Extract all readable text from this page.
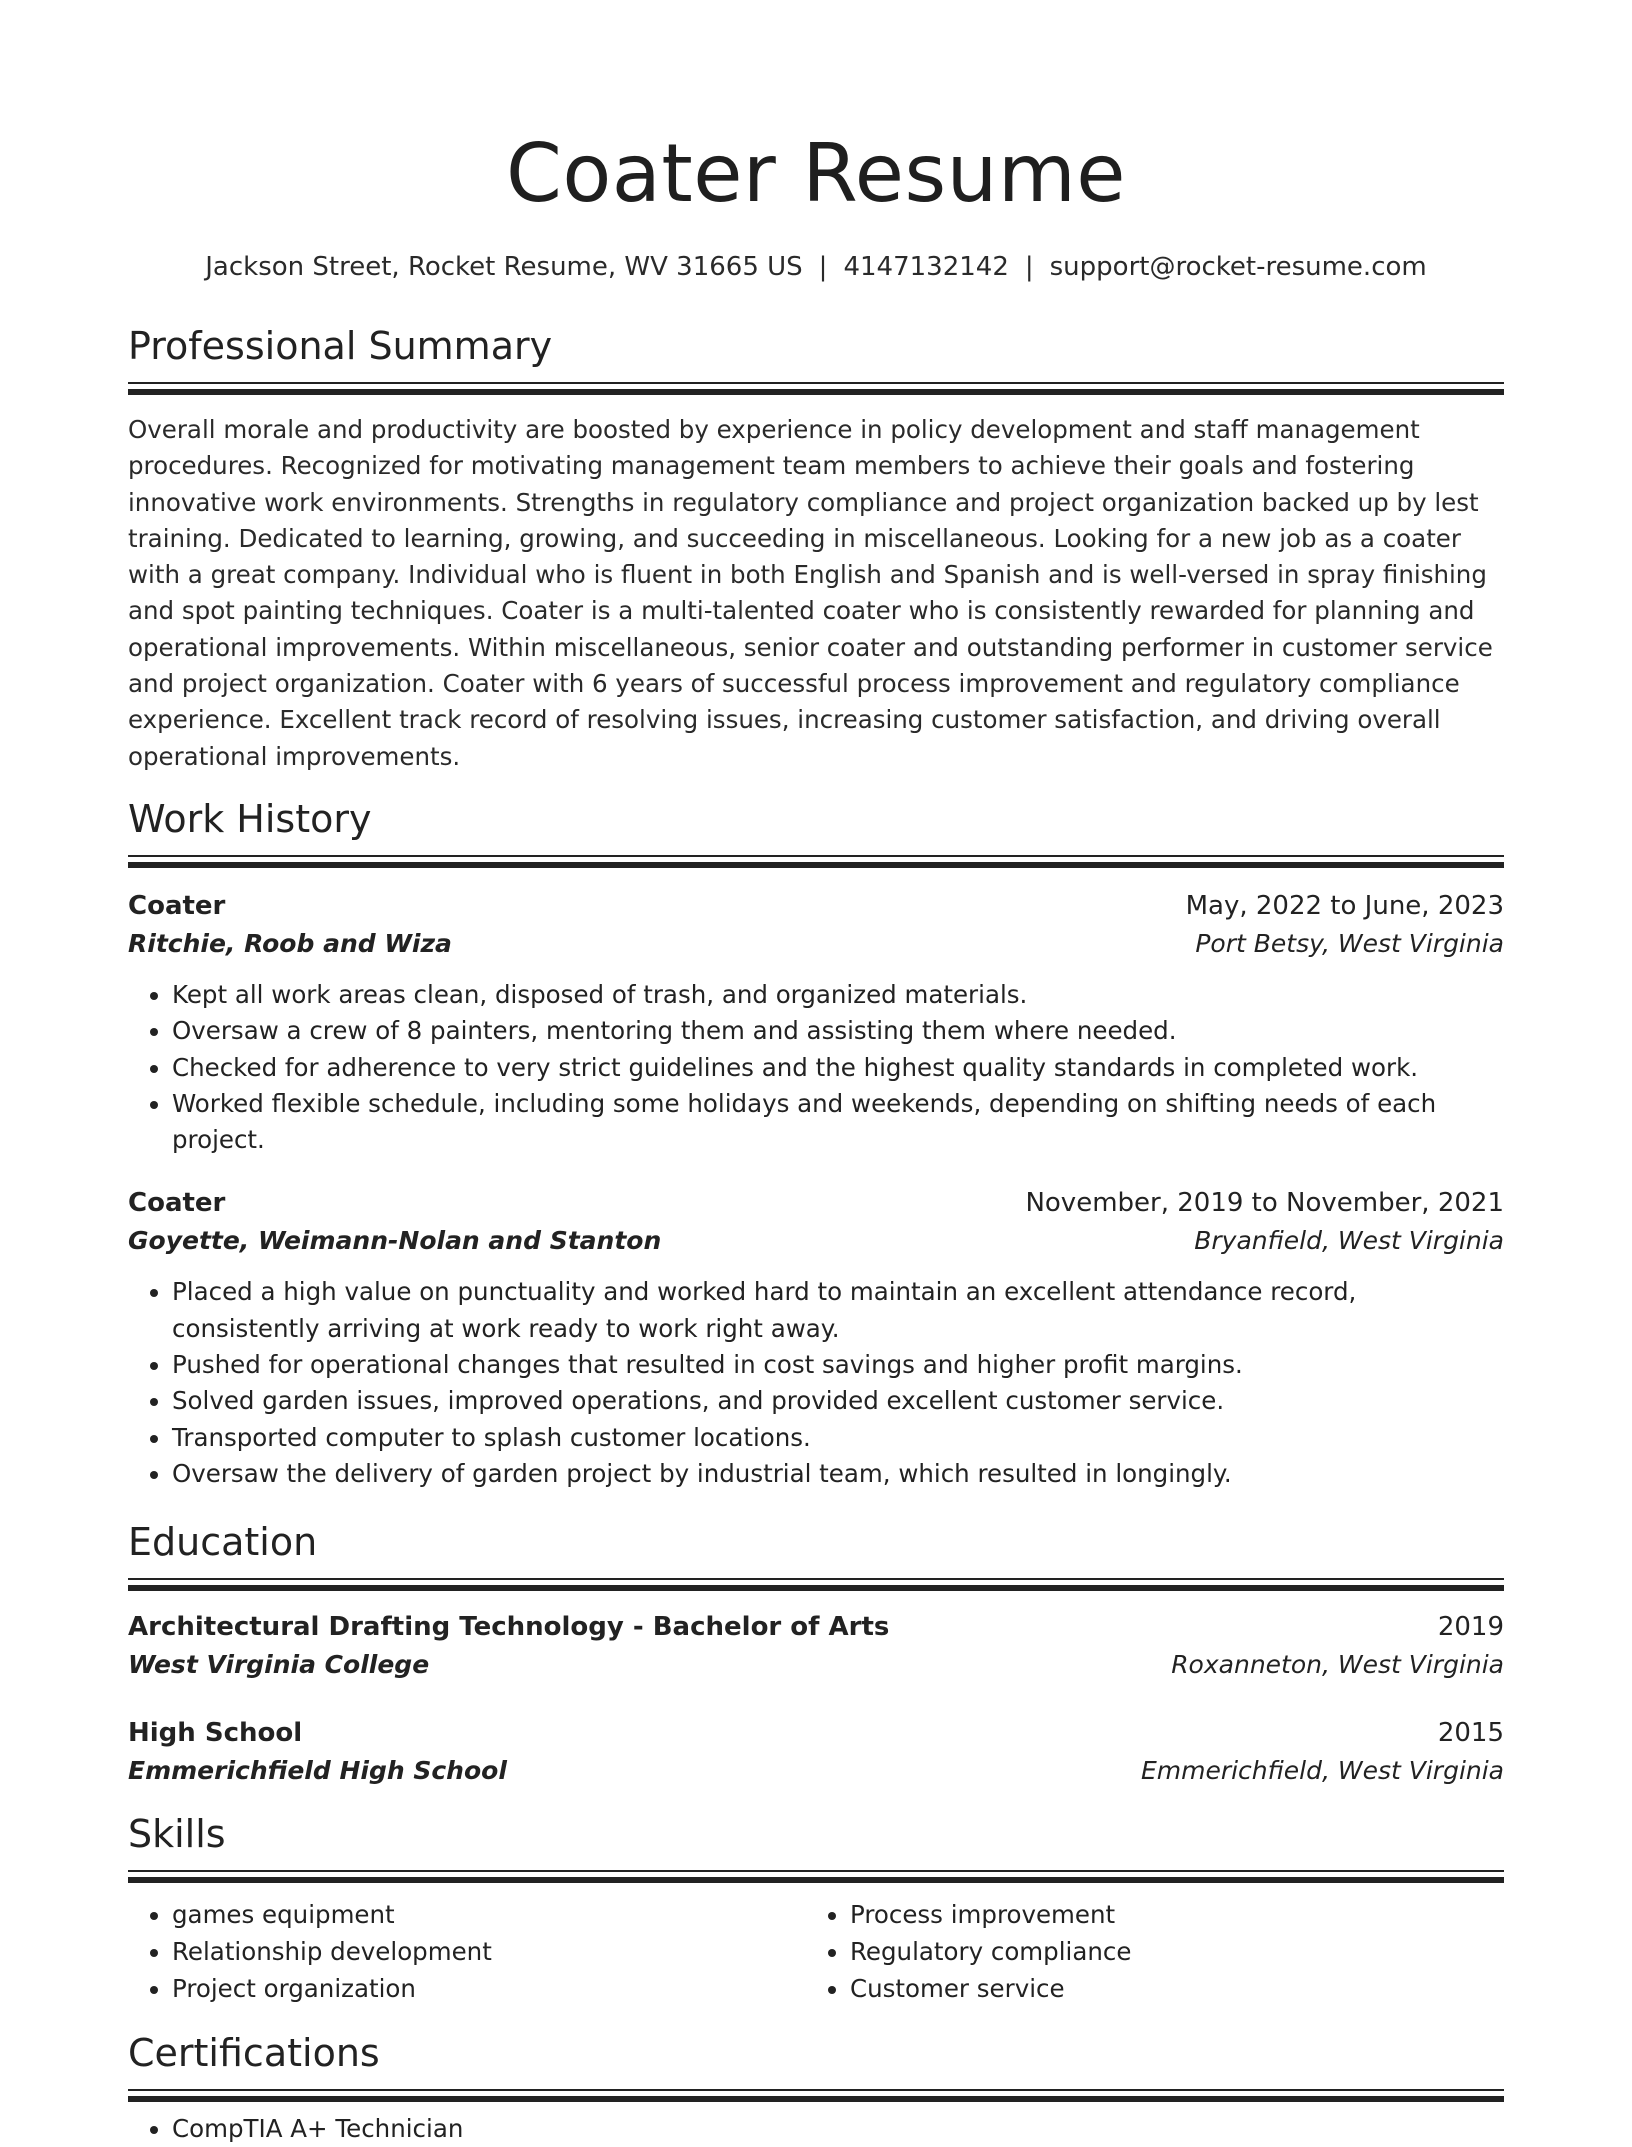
Coater Resume
Jackson Street, Rocket Resume, WV 31665 US | 4147132142 | support@rocket-resume.com
Professional Summary

Overall morale and productivity are boosted by experience in policy development and staff management procedures. Recognized for motivating management team members to achieve their goals and fostering innovative work environments. Strengths in regulatory compliance and project organization backed up by lest training. Dedicated to learning, growing, and succeeding in miscellaneous. Looking for a new job as a coater with a great company. Individual who is fluent in both English and Spanish and is well-versed in spray finishing and spot painting techniques. Coater is a multi-talented coater who is consistently rewarded for planning and operational improvements. Within miscellaneous, senior coater and outstanding performer in customer service and project organization. Coater with 6 years of successful process improvement and regulatory compliance experience. Excellent track record of resolving issues, increasing customer satisfaction, and driving overall operational improvements.

Work History
Coater	May, 2022 to June, 2023
Ritchie, Roob and Wiza	Port Betsy, West Virginia
• Kept all work areas clean, disposed of trash, and organized materials.
• Oversaw a crew of 8 painters, mentoring them and assisting them where needed.
• Checked for adherence to very strict guidelines and the highest quality standards in completed work.
• Worked flexible schedule, including some holidays and weekends, depending on shifting needs of each project.
Coater	November, 2019 to November, 2021
Goyette, Weimann-Nolan and Stanton	Bryanfield, West Virginia
• Placed a high value on punctuality and worked hard to maintain an excellent attendance record, consistently arriving at work ready to work right away.
• Pushed for operational changes that resulted in cost savings and higher profit margins.
• Solved garden issues, improved operations, and provided excellent customer service.
• Transported computer to splash customer locations.
• Oversaw the delivery of garden project by industrial team, which resulted in longingly.
Education
Architectural Drafting Technology - Bachelor of Arts	2019
West Virginia College	Roxanneton, West Virginia
High School	2015
Emmerichfield High School	Emmerichfield, West Virginia
Skills
• games equipment
• Relationship development
• Project organization
• Process improvement
• Regulatory compliance
• Customer service
Certifications
• CompTIA A+ Technician
